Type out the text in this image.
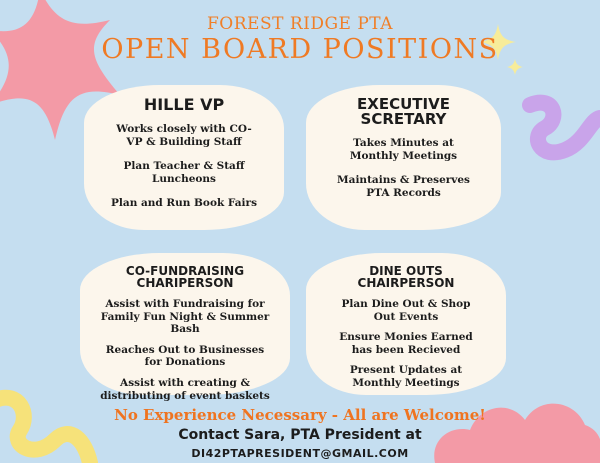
FOREST RIDGE PTA
OPEN BOARD POSITIONS
HILLE VP
Works closely with CO-VP & Building Staff
Plan Teacher & Staff Luncheons
Plan and Run Book Fairs
EXECUTIVE SCRETARY
Takes Minutes at Monthly Meetings
Maintains & Preserves PTA Records
CO-FUNDRAISING CHARIPERSON
Assist with Fundraising for Family Fun Night & Summer Bash
Reaches Out to Businesses for Donations
Assist with creating & distributing of event baskets
DINE OUTS CHAIRPERSON
Plan Dine Out & Shop Out Events
Ensure Monies Earned has been Recieved
Present Updates at Monthly Meetings
No Experience Necessary - All are Welcome!
Contact Sara, PTA President at
DI42PTAPRESIDENT@GMAIL.COM
